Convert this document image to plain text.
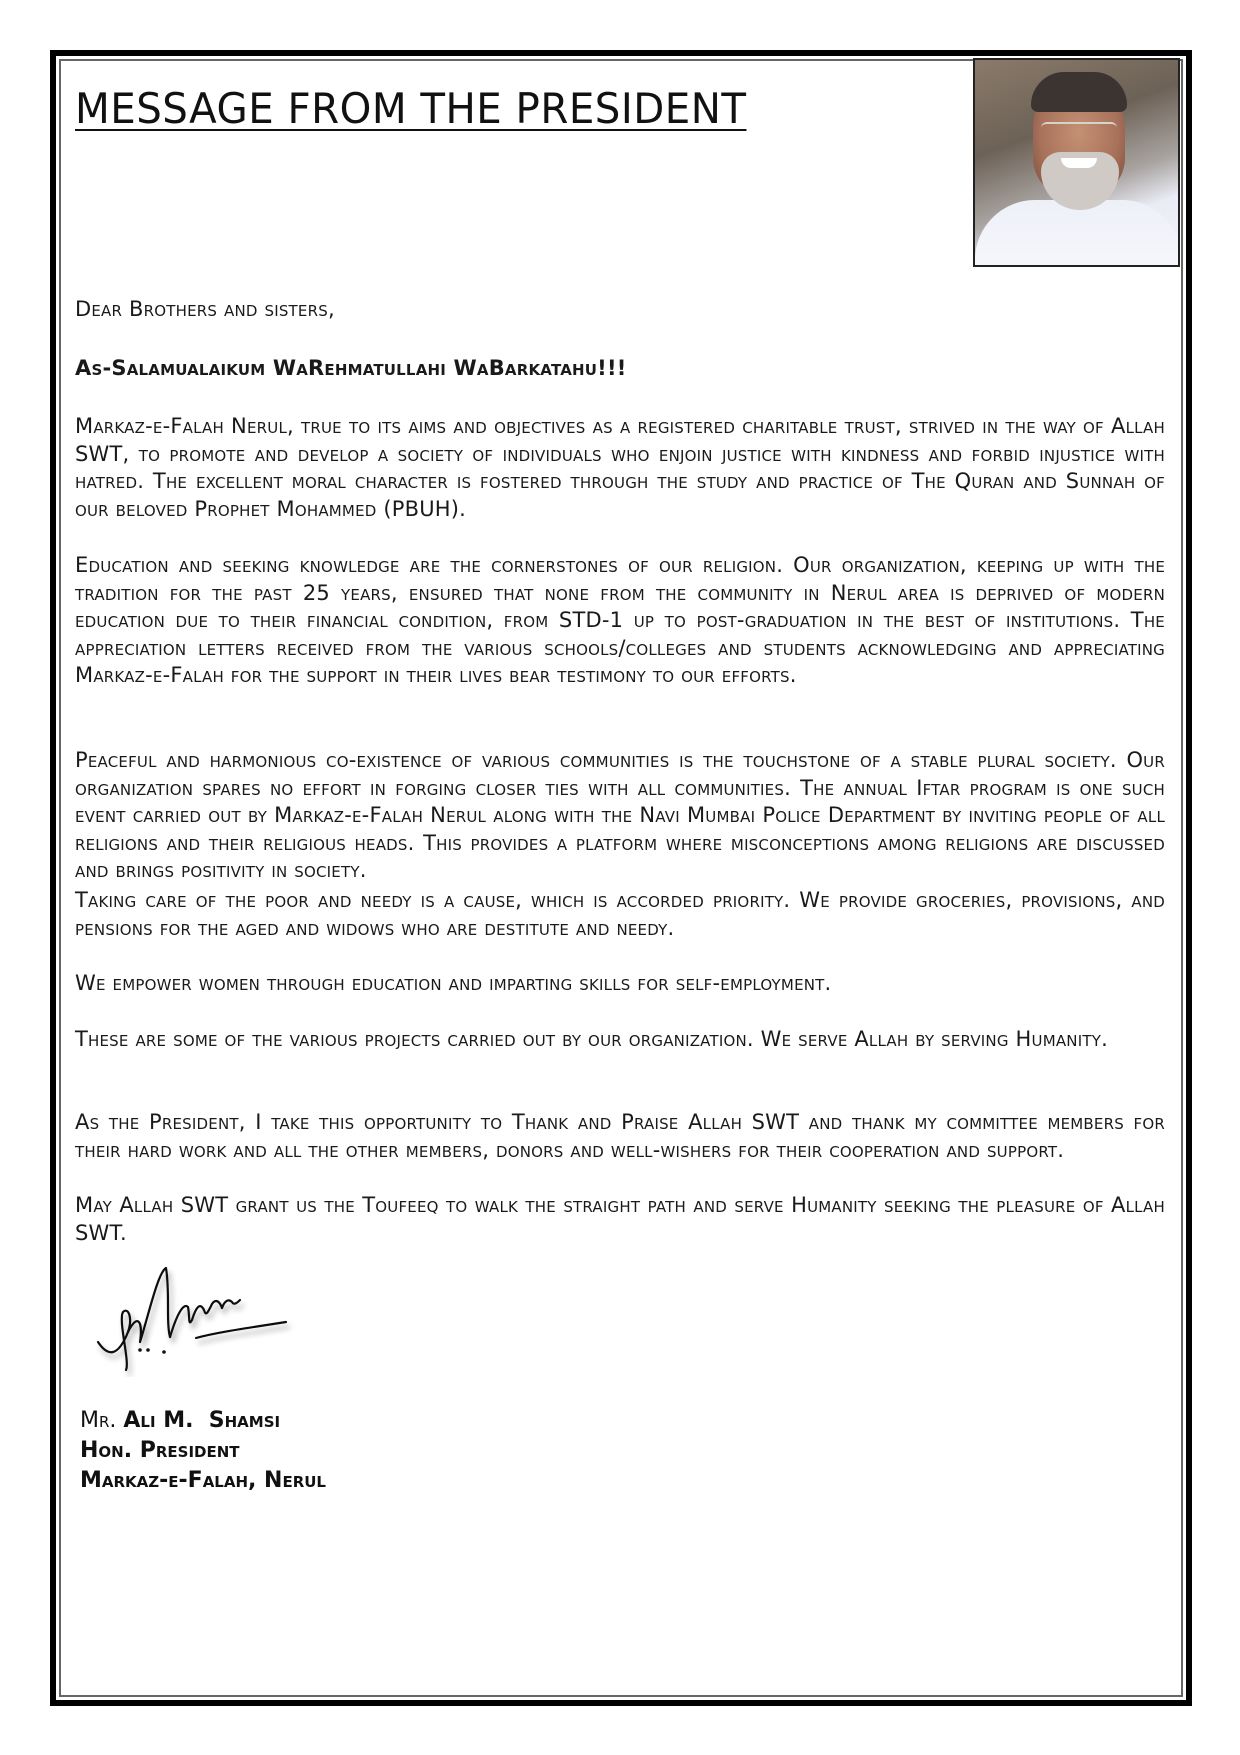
MESSAGE FROM THE PRESIDENT

Dear Brothers and sisters,

As-Salamualaikum WaRehmatullahi WaBarkatahu!!!

Markaz-e-Falah Nerul, true to its aims and objectives as a registered charitable trust, strived in the way of Allah SWT, to promote and develop a society of individuals who enjoin justice with kindness and forbid injustice with hatred. The excellent moral character is fostered through the study and practice of The Quran and Sunnah of our beloved Prophet Mohammed (PBUH).

Education and seeking knowledge are the cornerstones of our religion. Our organization, keeping up with the tradition for the past 25 years, ensured that none from the community in Nerul area is deprived of modern education due to their financial condition, from STD-1 up to post-graduation in the best of institutions. The appreciation letters received from the various schools/colleges and students acknowledging and appreciating Markaz-e-Falah for the support in their lives bear testimony to our efforts.

Peaceful and harmonious co-existence of various communities is the touchstone of a stable plural society. Our organization spares no effort in forging closer ties with all communities. The annual Iftar program is one such event carried out by Markaz-e-Falah Nerul along with the Navi Mumbai Police Department by inviting people of all religions and their religious heads. This provides a platform where misconceptions among religions are discussed and brings positivity in society.

Taking care of the poor and needy is a cause, which is accorded priority. We provide groceries, provisions, and pensions for the aged and widows who are destitute and needy.

We empower women through education and imparting skills for self-employment.

These are some of the various projects carried out by our organization. We serve Allah by serving Humanity.

As the President, I take this opportunity to Thank and Praise Allah SWT and thank my committee members for their hard work and all the other members, donors and well-wishers for their cooperation and support.

May Allah SWT grant us the Toufeeq to walk the straight path and serve Humanity seeking the pleasure of Allah SWT.

Mr. Ali M.  Shamsi
Hon. President
Markaz-e-Falah, Nerul
